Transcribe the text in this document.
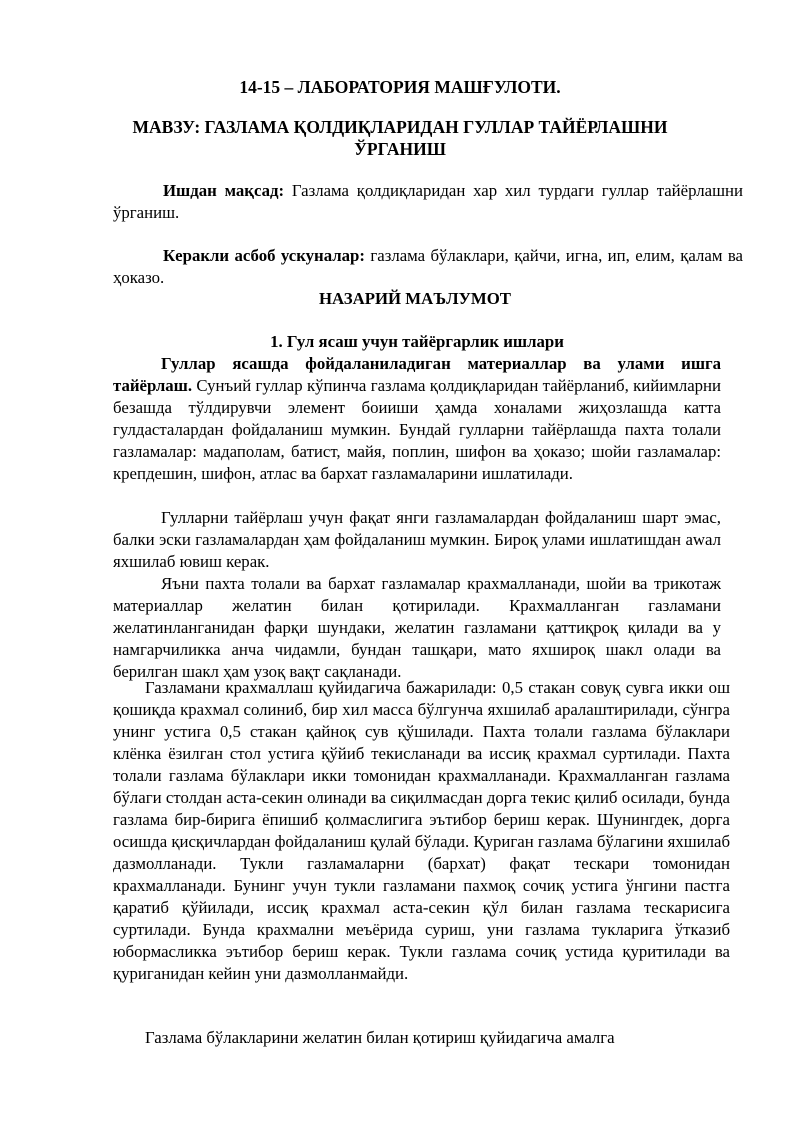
14-15 – ЛАБОРАТОРИЯ МАШҒУЛОТИ.
МАВЗУ: ГАЗЛАМА ҚОЛДИҚЛАРИДАН ГУЛЛАР ТАЙЁРЛАШНИ ЎРГАНИШ
Ишдан мақсад: Газлама қолдиқларидан хар хил турдаги гуллар тайёрлашни ўрганиш.
Кeракли асбоб ускуналар: газлама бўлаклари, қайчи, игна, ип, елим, қалам ва ҳоказо.
НАЗАРИЙ МАЪЛУМОТ
1. Гул ясаш учун тайёргарлик ишлари
Гуллар ясашда фойдаланиладиган материаллар ва улами ишга тайёрлаш. Сунъий гуллар кўпинча газлама қолдиқларидан тайёрланиб, кийимларни безашда тўлдирувчи элемент боииши ҳамда хоналами жиҳозлашда катта гулдасталардан фойдаланиш мумкин. Бундай гулларни тайёрлашда пахта толали газламалар: мадаполам, батист, майя, поплин, шифон ва ҳоказо; шойи газламалар: крепдешин, шифон, атлас ва бархат газламаларини ишлатилади.
Гулларни тайёрлаш учун фақат янги газламалардан фойдаланиш шарт эмас, балки эски газламалардан ҳам фойдаланиш мумкин. Бироқ улами ишлатишдан awал яхшилаб ювиш керак.
Яъни пахта толали ва бархат газламалар крахмалланади, шойи ва трикотаж материаллар желатин билан қотирилади. Крахмалланган газламани желатинланганидан фарқи шундаки, желатин газламани қаттиқроқ қилади ва у намгарчиликка анча чидамли, бундан ташқари, мато яхшироқ шакл олади ва берилган шакл ҳам узоқ вақт сақланади.
Газламани крахмаллаш қуйидагича бажарилади: 0,5 стакан совуқ сувга икки ош қошиқда крахмал солиниб, бир хил масса бўлгунча яхшилаб аралаштирилади, сўнгра унинг устига 0,5 стакан қайноқ сув қўшилади. Пахта толали газлама бўлаклари клёнка ёзилган стол устига қўйиб текисланади ва иссиқ крахмал суртилади. Пахта толали газлама бўлаклари икки томонидан крахмалланади. Крахмалланган газлама бўлаги столдан аста-секин олинади ва сиқилмасдан дорга текис қилиб осилади, бунда газлама бир-бирига ёпишиб қолмаслигига эътибор бериш керак. Шунингдек, дорга осишда қисқичлардан фойдаланиш қулай бўлади. Қуриган газлама бўлагини яхшилаб дазмолланади. Тукли газламаларни (бархат) фақат тескари томонидан крахмалланади. Бунинг учун тукли газламани пахмоқ сочиқ устига ўнгини пастга қаратиб қўйилади, иссиқ крахмал аста-секин қўл билан газлама тескарисига суртилади. Бунда крахмални меъёрида суриш, уни газлама тукларига ўтказиб юбормасликка эътибор бериш керак. Тукли газлама сочиқ устида қуритилади ва қуриганидан кейин уни дазмолланмайди.
Газлама бўлакларини желатин билан қотириш қуйидагича амалга
